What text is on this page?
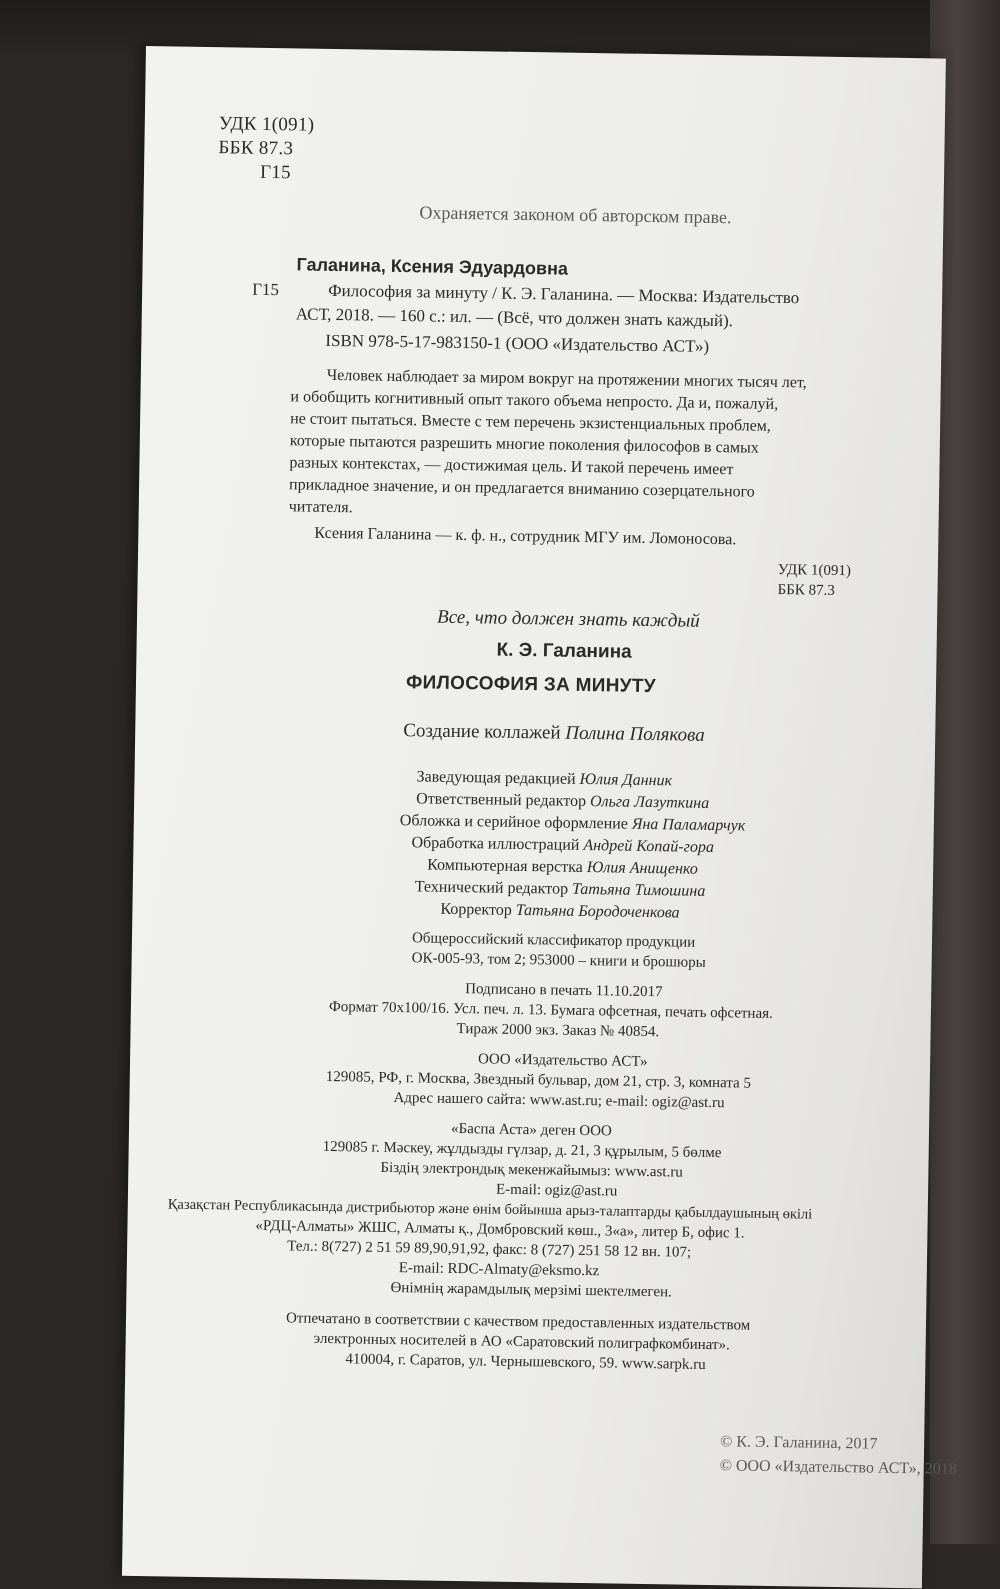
УДК 1(091)

ББК 87.3

Г15

Охраняется законом об авторском праве.

Галанина, Ксения Эдуардовна

Г15	Философия за минуту / К. Э. Галанина. — Москва: Издательство

АСТ, 2018. — 160 с.: ил. — (Всё, что должен знать каждый).

ISBN 978-5-17-983150-1 (ООО «Издательство АСТ»)

Человек наблюдает за миром вокруг на протяжении многих тысяч лет,

и обобщить когнитивный опыт такого объема непросто. Да и, пожалуй,

не стоит пытаться. Вместе с тем перечень экзистенциальных проблем,

которые пытаются разрешить многие поколения философов в самых

разных контекстах, — достижимая цель. И такой перечень имеет

прикладное значение, и он предлагается вниманию созерцательного

читателя.

Ксения Галанина — к. ф. н., сотрудник МГУ им. Ломоносова.

УДК 1(091)

ББК 87.3

Все, что должен знать каждый

К. Э. Галанина

ФИЛОСОФИЯ ЗА МИНУТУ

Создание коллажей Полина Полякова

Заведующая редакцией Юлия Данник

Ответственный редактор Ольга Лазуткина

Обложка и серийное оформление Яна Паламарчук

Обработка иллюстраций Андрей Копай-гора

Компьютерная верстка Юлия Анищенко

Технический редактор Татьяна Тимошина

Корректор Татьяна Бородоченкова

Общероссийский классификатор продукции

ОК-005-93, том 2; 953000 – книги и брошюры

Подписано в печать 11.10.2017

Формат 70х100/16. Усл. печ. л. 13. Бумага офсетная, печать офсетная.

Тираж 2000 экз. Заказ № 40854.

ООО «Издательство АСТ»

129085, РФ, г. Москва, Звездный бульвар, дом 21, стр. 3, комната 5

Адрес нашего сайта: www.ast.ru; e-mail: ogiz@ast.ru

«Баспа Аста» деген ООО

129085 г. Мәскеу, жұлдызды гүлзар, д. 21, 3 құрылым, 5 бөлме

Біздің электрондық мекенжайымыз: www.ast.ru

E-mail: ogiz@ast.ru

Қазақстан Республикасында дистрибьютор және өнім бойынша арыз-талаптарды қабылдаушының өкілі

«РДЦ-Алматы» ЖШС, Алматы қ., Домбровский көш., 3«а», литер Б, офис 1.

Тел.: 8(727) 2 51 59 89,90,91,92, факс: 8 (727) 251 58 12 вн. 107;

E-mail: RDC-Almaty@eksmo.kz

Өнімнің жарамдылық мерзімі шектелмеген.

Отпечатано в соответствии с качеством предоставленных издательством

электронных носителей в АО «Саратовский полиграфкомбинат».

410004, г. Саратов, ул. Чернышевского, 59. www.sarpk.ru

© К. Э. Галанина, 2017

© ООО «Издательство АСТ», 2018
